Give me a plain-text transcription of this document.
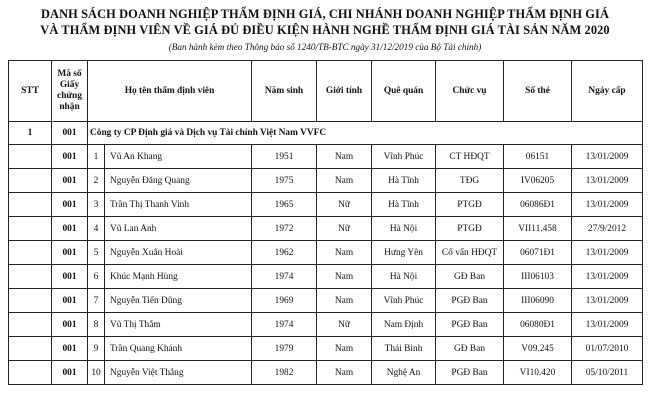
DANH SÁCH DOANH NGHIỆP THẨM ĐỊNH GIÁ, CHI NHÁNH DOANH NGHIỆP THẨM ĐỊNH GIÁ
VÀ THẨM ĐỊNH VIÊN VỀ GIÁ ĐỦ ĐIỀU KIỆN HÀNH NGHỀ THẨM ĐỊNH GIÁ TÀI SẢN NĂM 2020
(Ban hành kèm theo Thông báo số 1240/TB-BTC ngày 31/12/2019 của Bộ Tài chính)
STT	Mã số Giấy chứng nhận	Họ tên thẩm định viên		Năm sinh	Giới tính	Quê quán	Chức vụ	Số thẻ	Ngày cấp
1	001	Công ty CP Định giá và Dịch vụ Tài chính Việt Nam VVFC							
	001	1	Vũ An Khang	1951	Nam	Vĩnh Phúc	CT HĐQT	06151	13/01/2009
	001	2	Nguyễn Đăng Quang	1975	Nam	Hà Tĩnh	TĐG	IV06205	13/01/2009
	001	3	Trần Thị Thanh Vinh	1965	Nữ	Hà Tĩnh	PTGĐ	06086Đ1	13/01/2009
	001	4	Vũ Lan Anh	1972	Nữ	Hà Nội	PTGĐ	VII11.458	27/9/2012
	001	5	Nguyễn Xuân Hoài	1962	Nam	Hưng Yên	Cố vấn HĐQT	06071Đ1	13/01/2009
	001	6	Khúc Mạnh Hùng	1974	Nam	Hà Nội	GĐ Ban	III06103	13/01/2009
	001	7	Nguyễn Tiến Dũng	1969	Nam	Vĩnh Phúc	PGĐ Ban	III06090	13/01/2009
	001	8	Vũ Thị Thắm	1974	Nữ	Nam Định	PGĐ Ban	06080Đ1	13/01/2009
	001	9	Trần Quang Khánh	1979	Nam	Thái Bình	GĐ Ban	V09.245	01/07/2010
	001	10	Nguyễn Việt Thắng	1982	Nam	Nghệ An	PGĐ Ban	VI10.420	05/10/2011
